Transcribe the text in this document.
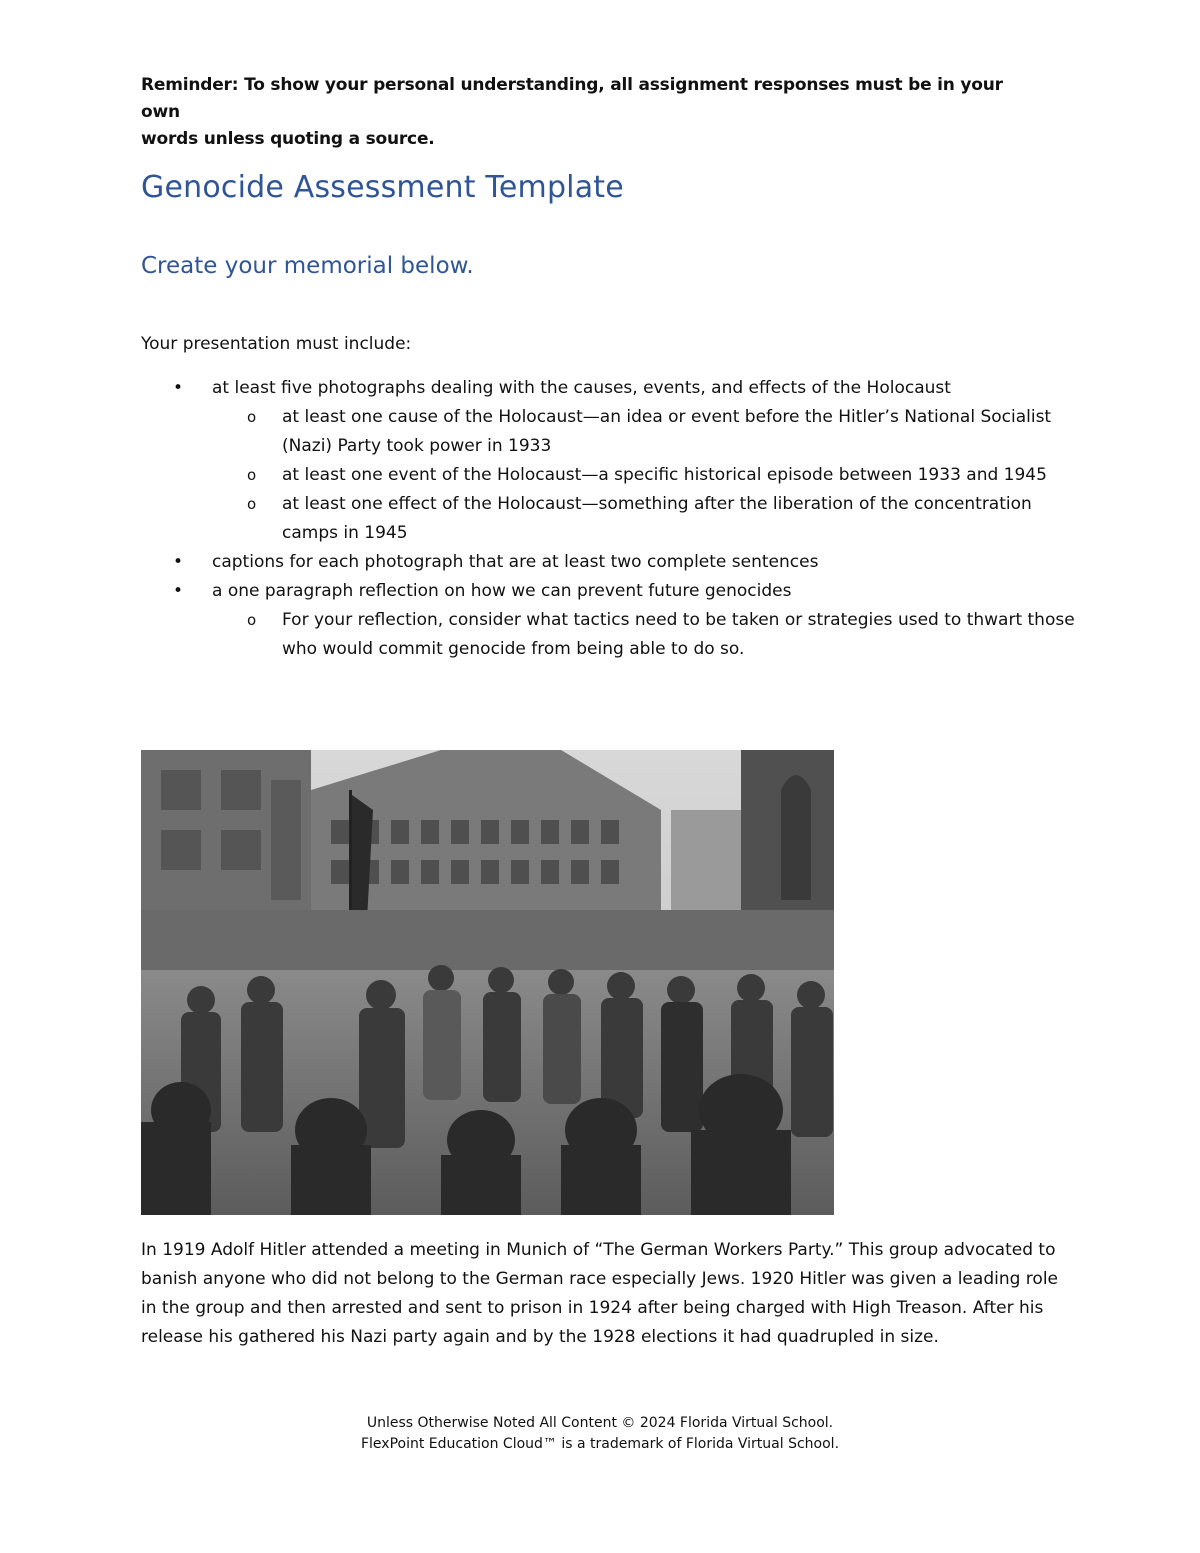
Reminder: To show your personal understanding, all assignment responses must be in your own
words unless quoting a source.
Genocide Assessment Template
Create your memorial below.
Your presentation must include:
• at least five photographs dealing with the causes, events, and effects of the Holocaust
o at least one cause of the Holocaust—an idea or event before the Hitler’s National Socialist (Nazi) Party took power in 1933
o at least one event of the Holocaust—a specific historical episode between 1933 and 1945
o at least one effect of the Holocaust—something after the liberation of the concentration camps in 1945
• captions for each photograph that are at least two complete sentences
• a one paragraph reflection on how we can prevent future genocides
o For your reflection, consider what tactics need to be taken or strategies used to thwart those who would commit genocide from being able to do so.
In 1919 Adolf Hitler attended a meeting in Munich of “The German Workers Party.” This group advocated to banish anyone who did not belong to the German race especially Jews. 1920 Hitler was given a leading role in the group and then arrested and sent to prison in 1924 after being charged with High Treason. After his release his gathered his Nazi party again and by the 1928 elections it had quadrupled in size.
Unless Otherwise Noted All Content © 2024 Florida Virtual School.
FlexPoint Education Cloud™ is a trademark of Florida Virtual School.
